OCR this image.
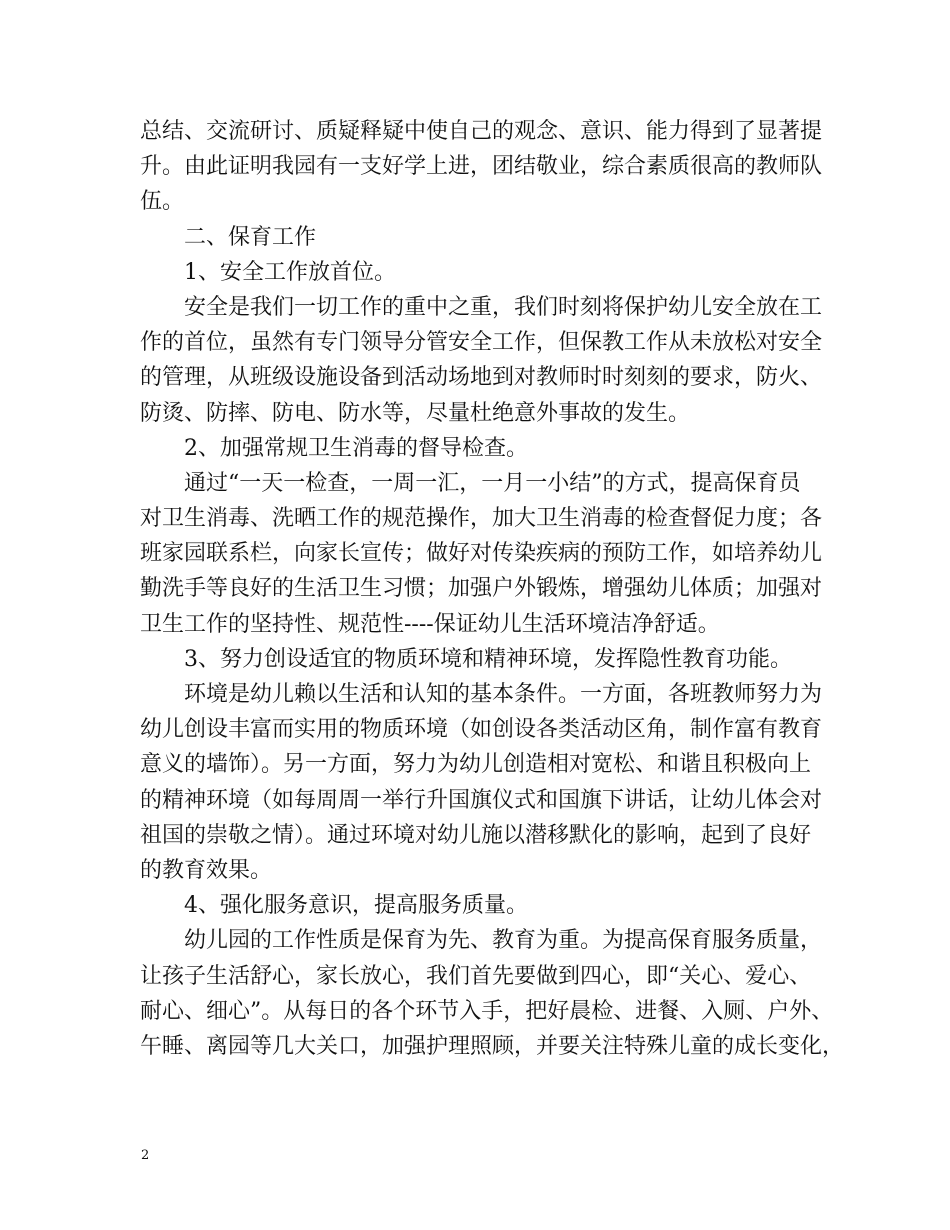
总结、交流研讨、质疑释疑中使自己的观念、意识、能力得到了显著提
升。由此证明我园有一支好学上进，团结敬业，综合素质很高的教师队
伍。
二、保育工作
1、安全工作放首位。
安全是我们一切工作的重中之重，我们时刻将保护幼儿安全放在工
作的首位，虽然有专门领导分管安全工作，但保教工作从未放松对安全
的管理，从班级设施设备到活动场地到对教师时时刻刻的要求，防火、
防烫、防摔、防电、防水等，尽量杜绝意外事故的发生。
2、加强常规卫生消毒的督导检查。
通过“一天一检查，一周一汇，一月一小结”的方式，提高保育员
对卫生消毒、洗晒工作的规范操作，加大卫生消毒的检查督促力度；各
班家园联系栏，向家长宣传；做好对传染疾病的预防工作，如培养幼儿
勤洗手等良好的生活卫生习惯；加强户外锻炼，增强幼儿体质；加强对
卫生工作的坚持性、规范性----保证幼儿生活环境洁净舒适。
3、努力创设适宜的物质环境和精神环境，发挥隐性教育功能。
环境是幼儿赖以生活和认知的基本条件。一方面，各班教师努力为
幼儿创设丰富而实用的物质环境（如创设各类活动区角，制作富有教育
意义的墙饰）。另一方面，努力为幼儿创造相对宽松、和谐且积极向上
的精神环境（如每周周一举行升国旗仪式和国旗下讲话，让幼儿体会对
祖国的崇敬之情）。通过环境对幼儿施以潜移默化的影响，起到了良好
的教育效果。
4、强化服务意识，提高服务质量。
幼儿园的工作性质是保育为先、教育为重。为提高保育服务质量，
让孩子生活舒心，家长放心，我们首先要做到四心，即“关心、爱心、
耐心、细心”。从每日的各个环节入手，把好晨检、进餐、入厕、户外、
午睡、离园等几大关口，加强护理照顾，并要关注特殊儿童的成长变化，
2
